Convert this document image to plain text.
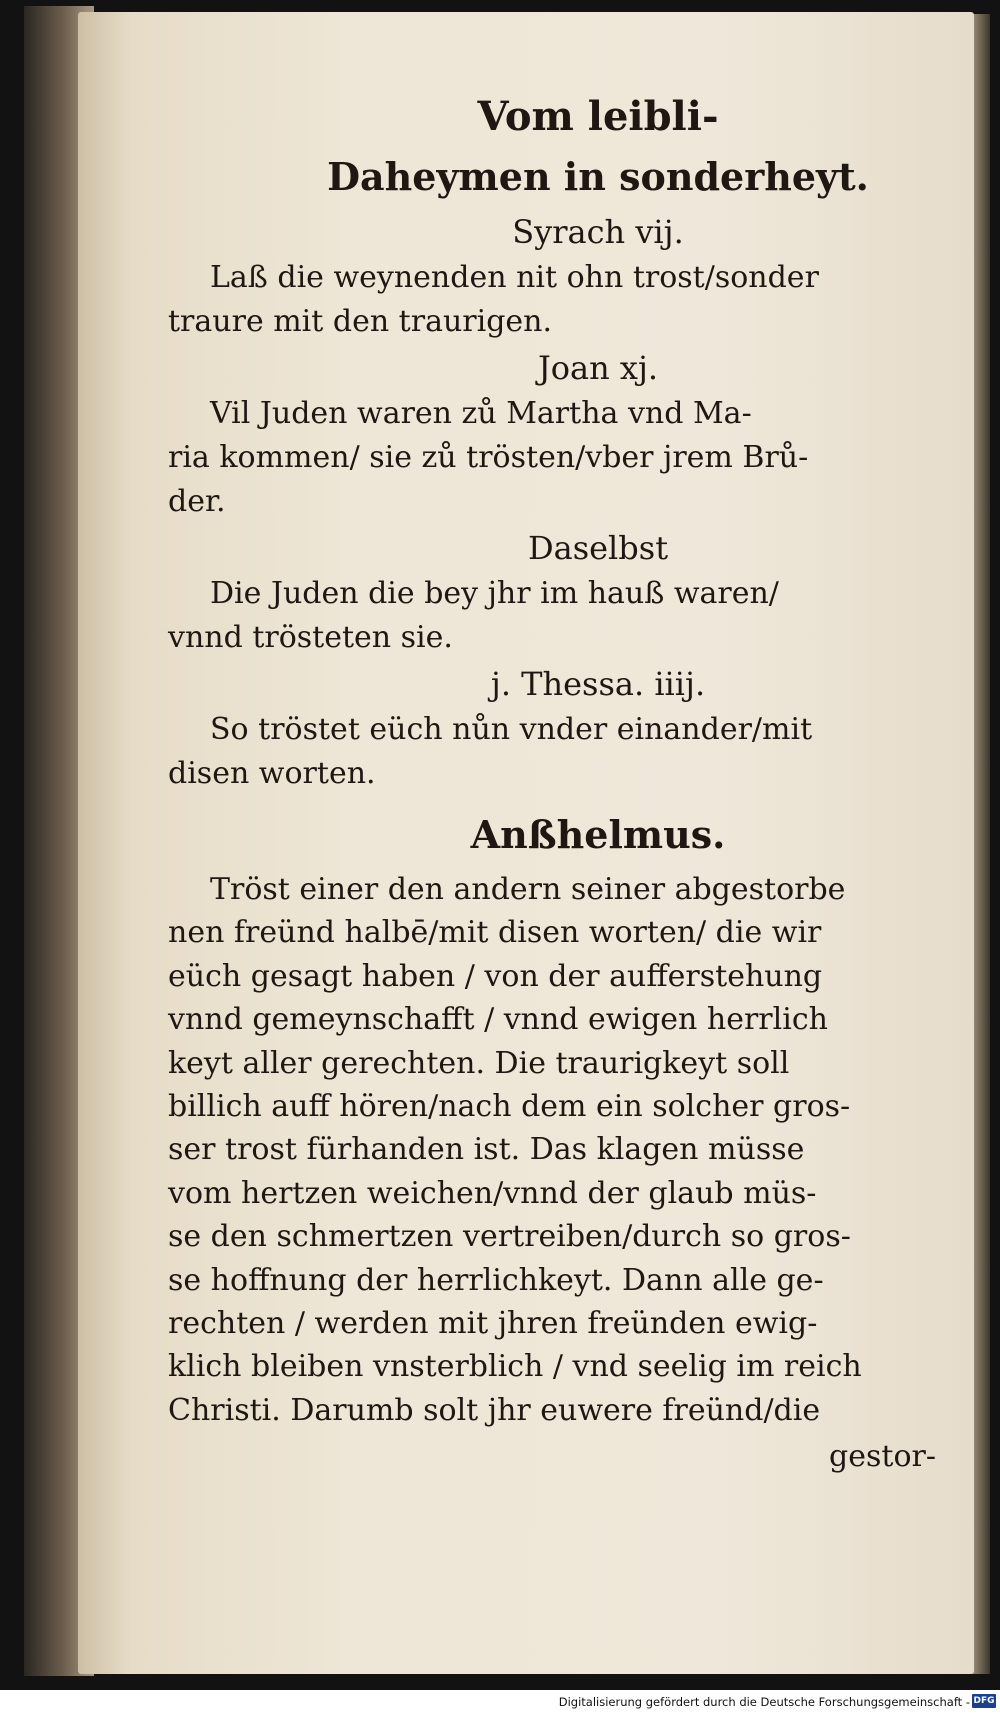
Vom leibli-
Daheymen in sonderheyt.
Syrach vij.
Laß die weynenden nit ohn trost/sonder
traure mit den traurigen.
Joan xj.
Vil Juden waren zů Martha vnd Ma-
ria kommen/ sie zů trösten/vber jrem Brů-
der.
Daselbst
Die Juden die bey jhr im hauß waren/
vnnd trösteten sie.
j. Thessa. iiij.
So tröstet eüch nůn vnder einander/mit
disen worten.
Anßhelmus.
Tröst einer den andern seiner abgestorbe
nen freünd halbē/mit disen worten/ die wir
eüch gesagt haben / von der aufferstehung
vnnd gemeynschafft / vnnd ewigen herrlich
keyt aller gerechten. Die traurigkeyt soll
billich auff hören/nach dem ein solcher gros-
ser trost fürhanden ist. Das klagen müsse
vom hertzen weichen/vnnd der glaub müs-
se den schmertzen vertreiben/durch so gros-
se hoffnung der herrlichkeyt. Dann alle ge-
rechten / werden mit jhren freünden ewig-
klich bleiben vnsterblich / vnd seelig im reich
Christi. Darumb solt jhr euwere freünd/die
gestor-
Digitalisierung gefördert durch die Deutsche Forschungsgemeinschaft - DFG
